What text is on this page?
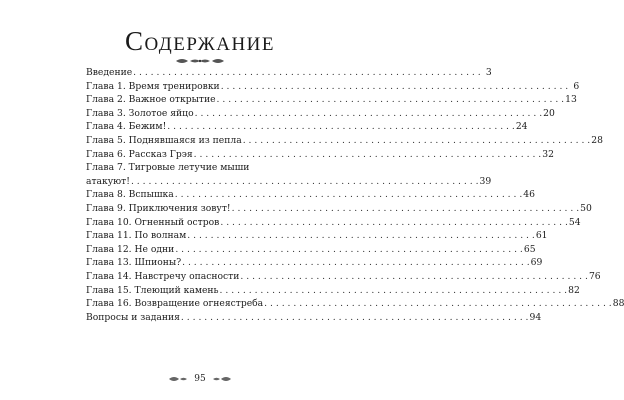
Содержание
Введение . . .	3
Глава 1. Время тренировки . . .	6
Глава 2. Важное открытие . . .	13
Глава 3. Золотое яйцо . . .	20
Глава 4. Бежим! . . .	24
Глава 5. Поднявшаяся из пепла . . .	28
Глава 6. Рассказ Грэя . . .	32
Глава 7. Тигровые летучие мыши
атакуют! . . .	39
Глава 8. Вспышка . . .	46
Глава 9. Приключения зовут! . . .	50
Глава 10. Огненный остров . . .	54
Глава 11. По волнам . . .	61
Глава 12. Не одни . . .	65
Глава 13. Шпионы? . . .	69
Глава 14. Навстречу опасности . . .	76
Глава 15. Тлеющий камень . . .	82
Глава 16. Возвращение огнеястреба . . .	88
Вопросы и задания . . .	94
95
